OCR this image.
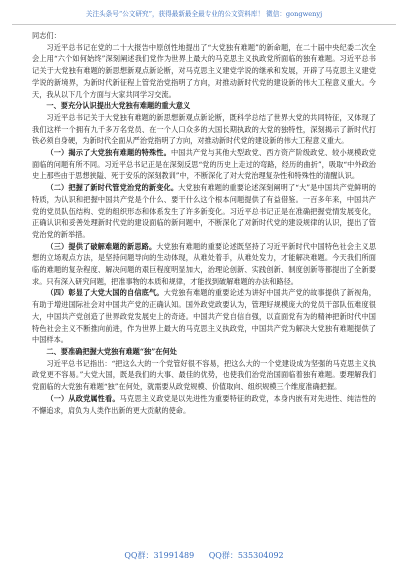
关注头条号“公文研究”，获得最新最全最专业的公文资料库！ 微信：gongwenyj

同志们：

习近平总书记在党的二十大报告中原创性地提出了“大党独有难题”的新命题，在二十届中央纪委二次全会上用“六个如何始终”深刻阐述我们党作为世界上最大的马克思主义执政党所面临的独有难题。习近平总书记关于大党独有难题的新思想新观点新论断，对马克思主义建党学说的继承和发展，开辟了马克思主义建党学说的新境界，为新时代新征程上管党治党指明了方向，对推动新时代党的建设新的伟大工程意义重大。今天，我从以下几个方面与大家共同学习交流。

一、要充分认识提出大党独有难题的重大意义

习近平总书记关于大党独有难题的新思想新观点新论断，既科学总结了世界大党的共同特征，又体现了我们这样一个拥有九千多万名党员、在一个人口众多的大国长期执政的大党的独特性，深刻揭示了新时代打铁必须自身硬，为新时代全面从严治党指明了方向，对推动新时代党的建设新的伟大工程意义重大。

（一）揭示了大党独有难题的特殊性。中国共产党与其他大型政党、西方资产阶级政党、较小规模政党面临的问题有所不同。习近平总书记正是在深刻反思“党的历史上走过的弯路，经历的曲折”，吸取“中外政治史上那些由于思想狭隘、死于安乐的深刻教训”中，不断深化了对大党治理复杂性和特殊性的清醒认识。

（二）把握了新时代管党治党的新变化。大党独有难题的重要论述深刻阐明了“大”是中国共产党鲜明的特质，为认识和把握中国共产党是个什么、要干什么这个根本问题提供了有益借鉴。一百多年来，中国共产党的党员队伍结构、党的组织形态和体系发生了许多新变化。习近平总书记正是在准确把握党情发展变化，正确认识和妥善处理新时代党的建设面临的新问题中，不断深化了对新时代党的建设规律的认识，提出了管党治党的新举措。

（三）提供了破解难题的新思路。大党独有难题的重要论述既坚持了习近平新时代中国特色社会主义思想的立场观点方法，是坚持问题导向的生动体现，从难处着手，从难处发力，才能解决难题。今天我们所面临的难题的复杂程度、解决问题的艰巨程度明显加大，治理论创新、实践创新、制度创新等都提出了全新要求。只有深入研究问题，把准事物的本质和规律，才能找到破解难题的办法和路径。

（四）彰显了大党大国的自信底气。大党独有难题的重要论述为讲好中国共产党的故事提供了新视角，有助于增进国际社会对中国共产党的正确认知。国外政党政要认为，管理好规模庞大的党员干部队伍难度很大，中国共产党创造了世界政党发展史上的奇迹。中国共产党自信自强，以直面党有为的精神把新时代中国特色社会主义不断推向前进，作为世界上最大的马克思主义执政党，中国共产党为解决大党独有难题提供了中国样本。

二、要准确把握大党独有难题“独”在何处

习近平总书记指出：“把这么大的一个党管好很不容易，把这么大的一个党建设成为坚强的马克思主义执政党更不容易。”大党大国，既是我们的大事、最佳的优势，也使我们治党治国面临着独有难题。要理解我们党面临的大党独有难题“独”在何处，就需要从政党规模、价值取向、组织规模三个维度准确把握。

（一）从政党属性看。马克思主义政党是以先进性为重要特征的政党，本身内嵌有对先进性、纯洁性的不懈追求，肩负为人类作出新的更大贡献的使命。

QQ群：31991489 QQ群：535304092
